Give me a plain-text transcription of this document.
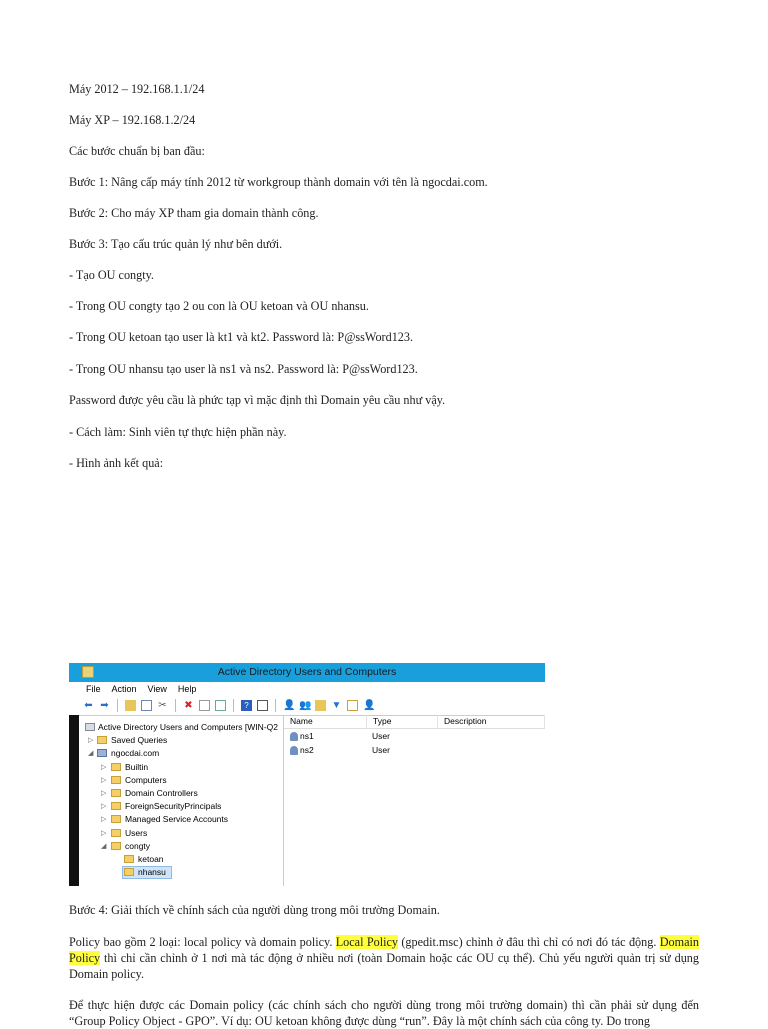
Máy 2012 – 192.168.1.1/24
Máy XP – 192.168.1.2/24
Các bước chuẩn bị ban đầu:
Bước 1: Nâng cấp máy tính 2012 từ workgroup thành domain với tên là ngocdai.com.
Bước 2: Cho máy XP tham gia domain thành công.
Bước 3: Tạo cấu trúc quản lý như bên dưới.
- Tạo OU congty.
- Trong OU congty tạo 2 ou con là OU ketoan và OU nhansu.
- Trong OU ketoan tạo user là kt1 và kt2. Password là: P@ssWord123.
- Trong OU nhansu tạo user là ns1 và ns2. Password là: P@ssWord123.
Password được yêu cầu là phức tạp vì mặc định thì Domain yêu cầu như vậy.
- Cách làm: Sinh viên tự thực hiện phần này.
- Hình ảnh kết quả:
Active Directory Users and Computers
File Action View Help
⬅ ➡	✂ ✖	?	👤 👥 ▼ 👤
Active Directory Users and Computers [WIN-Q2
▷	Saved Queries
◢	ngocdai.com
▷	Builtin
▷	Computers
▷	Domain Controllers
▷	ForeignSecurityPrincipals
▷	Managed Service Accounts
▷	Users
◢	congty
ketoan
nhansu
Name	Type	Description
ns1	User
ns2	User
Bước 4: Giải thích về chính sách của người dùng trong môi trường Domain.
Policy bao gồm 2 loại: local policy và domain policy. Local Policy (gpedit.msc) chỉnh ở đâu thì chỉ có nơi đó tác động. Domain Policy thì chỉ cần chỉnh ở 1 nơi mà tác động ở nhiều nơi (toàn Domain hoặc các OU cụ thể). Chủ yếu người quản trị sử dụng Domain policy.
Để thực hiện được các Domain policy (các chính sách cho người dùng trong môi trường domain) thì cần phải sử dụng đến “Group Policy Object - GPO”. Ví dụ: OU ketoan không được dùng “run”. Đây là một chính sách của công ty. Do trong
